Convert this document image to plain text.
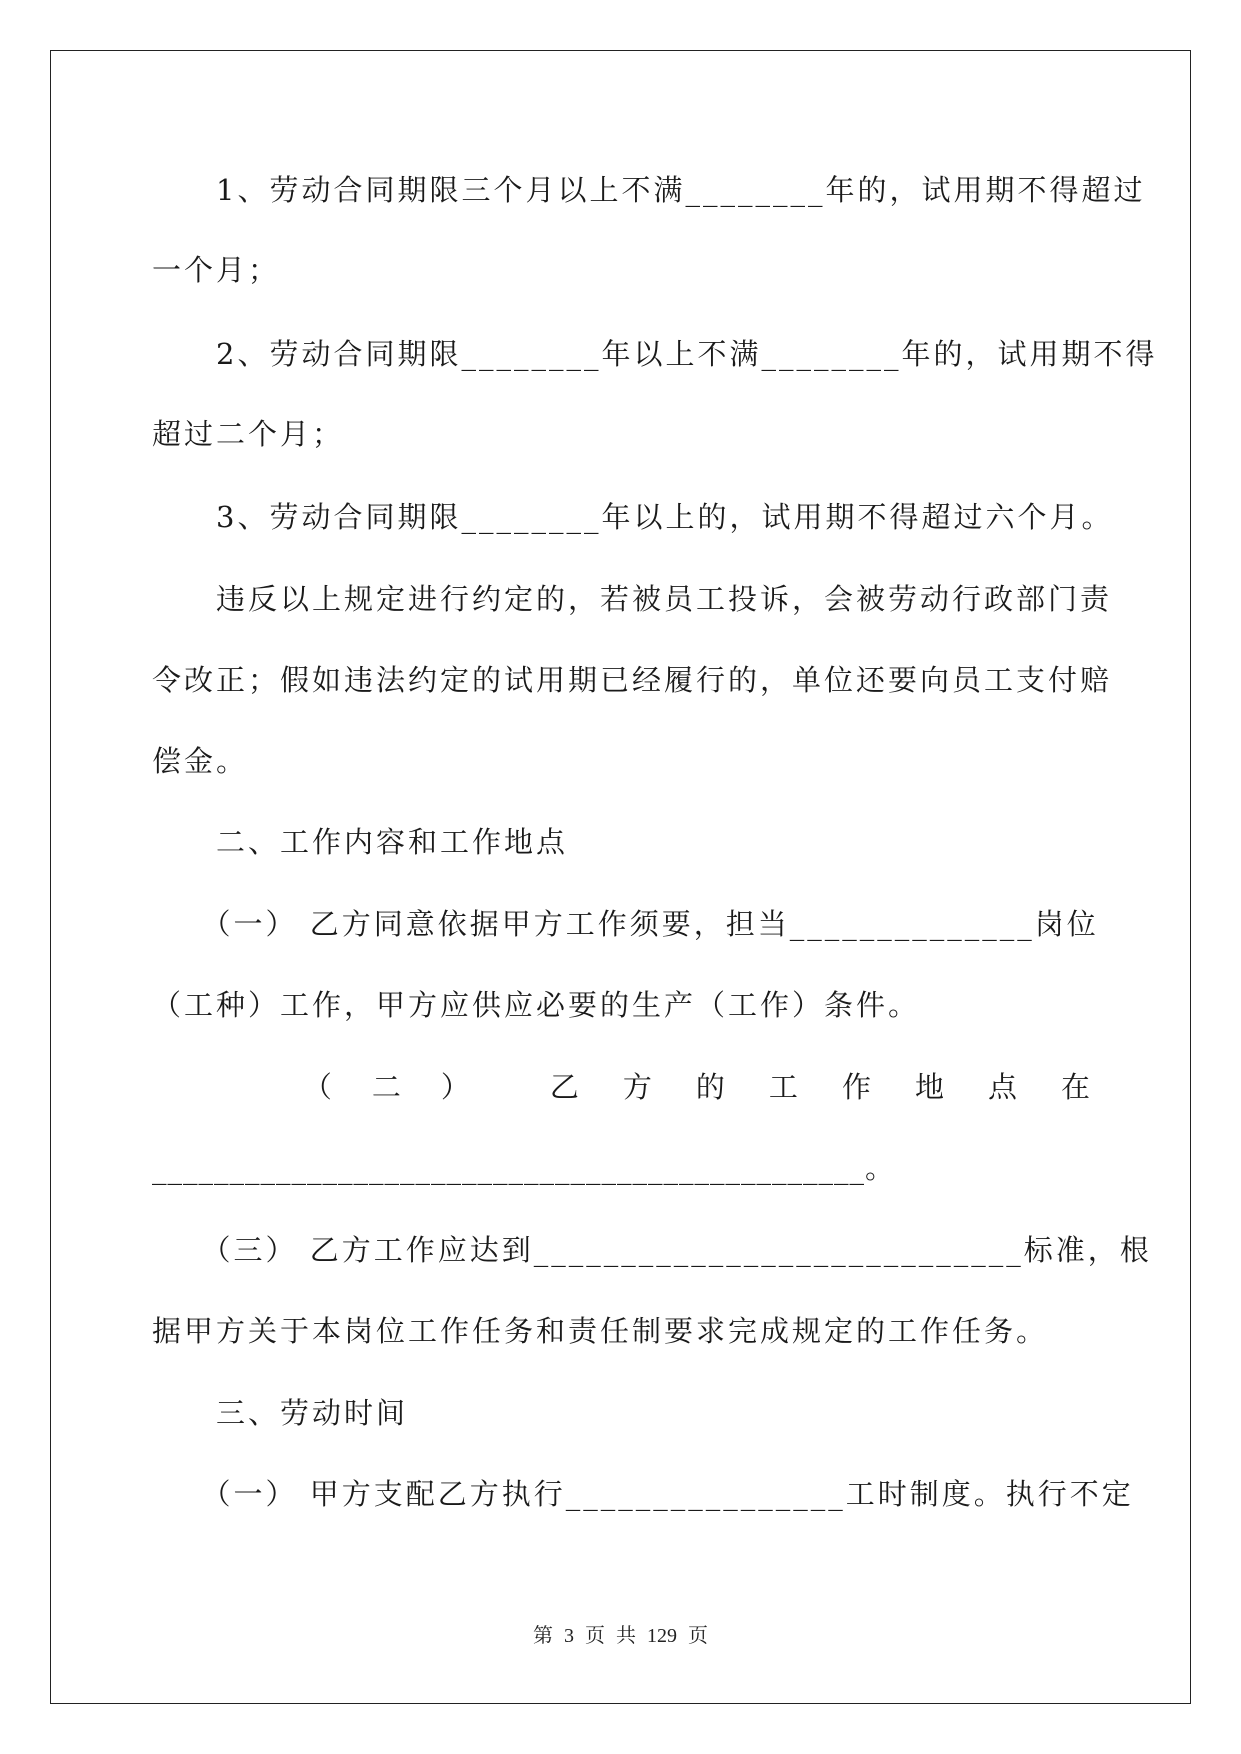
　　1、劳动合同期限三个月以上不满________年的，试用期不得超过
一个月；
　　2、劳动合同期限________年以上不满________年的，试用期不得
超过二个月；
　　3、劳动合同期限________年以上的，试用期不得超过六个月。
　　违反以上规定进行约定的，若被员工投诉，会被劳动行政部门责
令改正；假如违法约定的试用期已经履行的，单位还要向员工支付赔
偿金。
　　二、工作内容和工作地点
　　（一） 乙方同意依据甲方工作须要，担当______________岗位
（工种）工作，甲方应供应必要的生产（工作）条件。
（ 二 ）	乙 方 的 工 作 地 点 在
______________________________________________。
　　（三） 乙方工作应达到____________________________标准，根
据甲方关于本岗位工作任务和责任制要求完成规定的工作任务。
　　三、劳动时间
　　（一） 甲方支配乙方执行________________工时制度。执行不定
第 3 页 共 129 页
